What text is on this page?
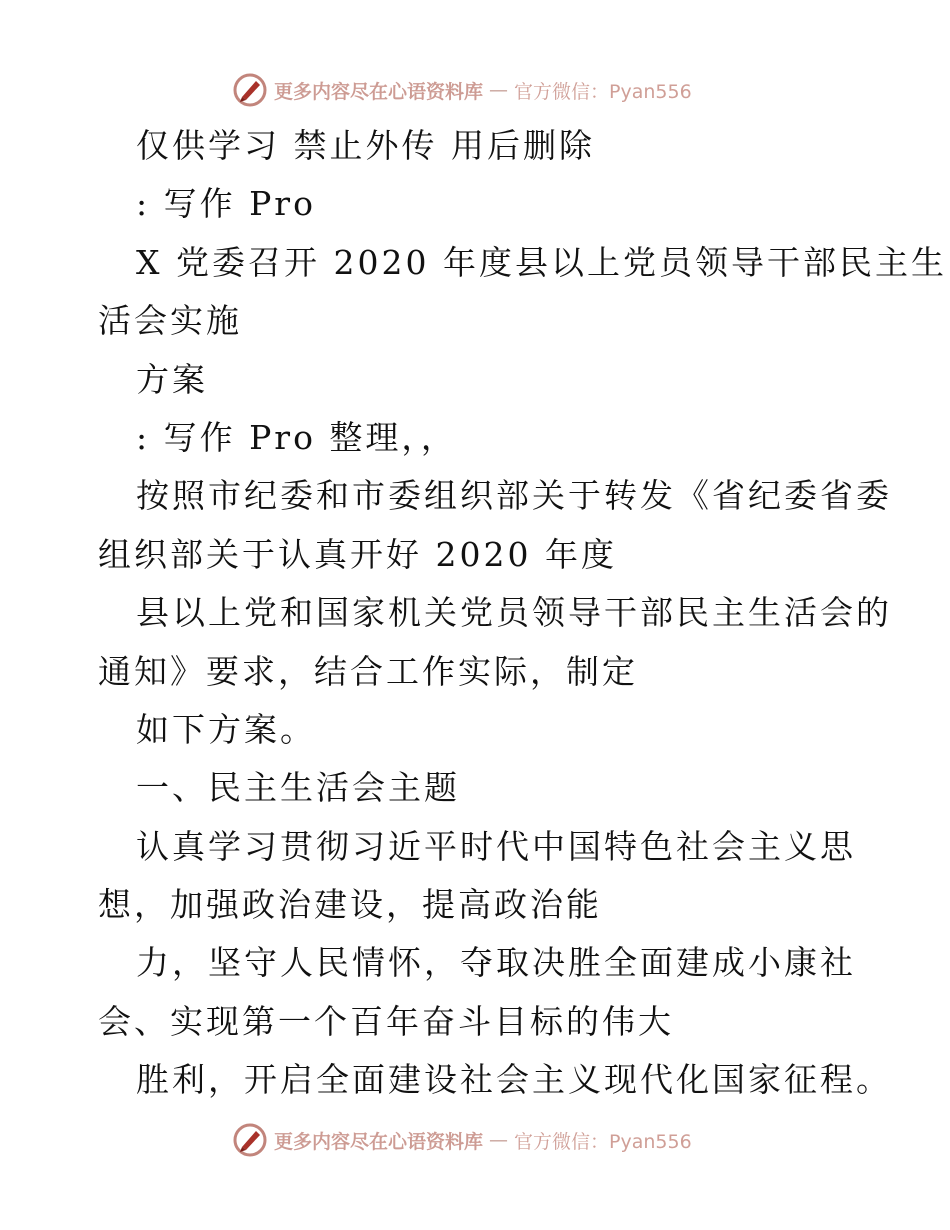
更多内容尽在心语资料库 — 官方微信：Pyan556
仅供学习 禁止外传 用后删除
: 写作 Pro
X 党委召开 2020 年度县以上党员领导干部民主生
活会实施
方案
: 写作 Pro 整理，，
按照市纪委和市委组织部关于转发《省纪委省委
组织部关于认真开好 2020 年度
县以上党和国家机关党员领导干部民主生活会的
通知》要求，结合工作实际，制定
如下方案。
一、民主生活会主题
认真学习贯彻习近平时代中国特色社会主义思
想，加强政治建设，提高政治能
力，坚守人民情怀，夺取决胜全面建成小康社
会、实现第一个百年奋斗目标的伟大
胜利，开启全面建设社会主义现代化国家征程。
更多内容尽在心语资料库 — 官方微信：Pyan556
